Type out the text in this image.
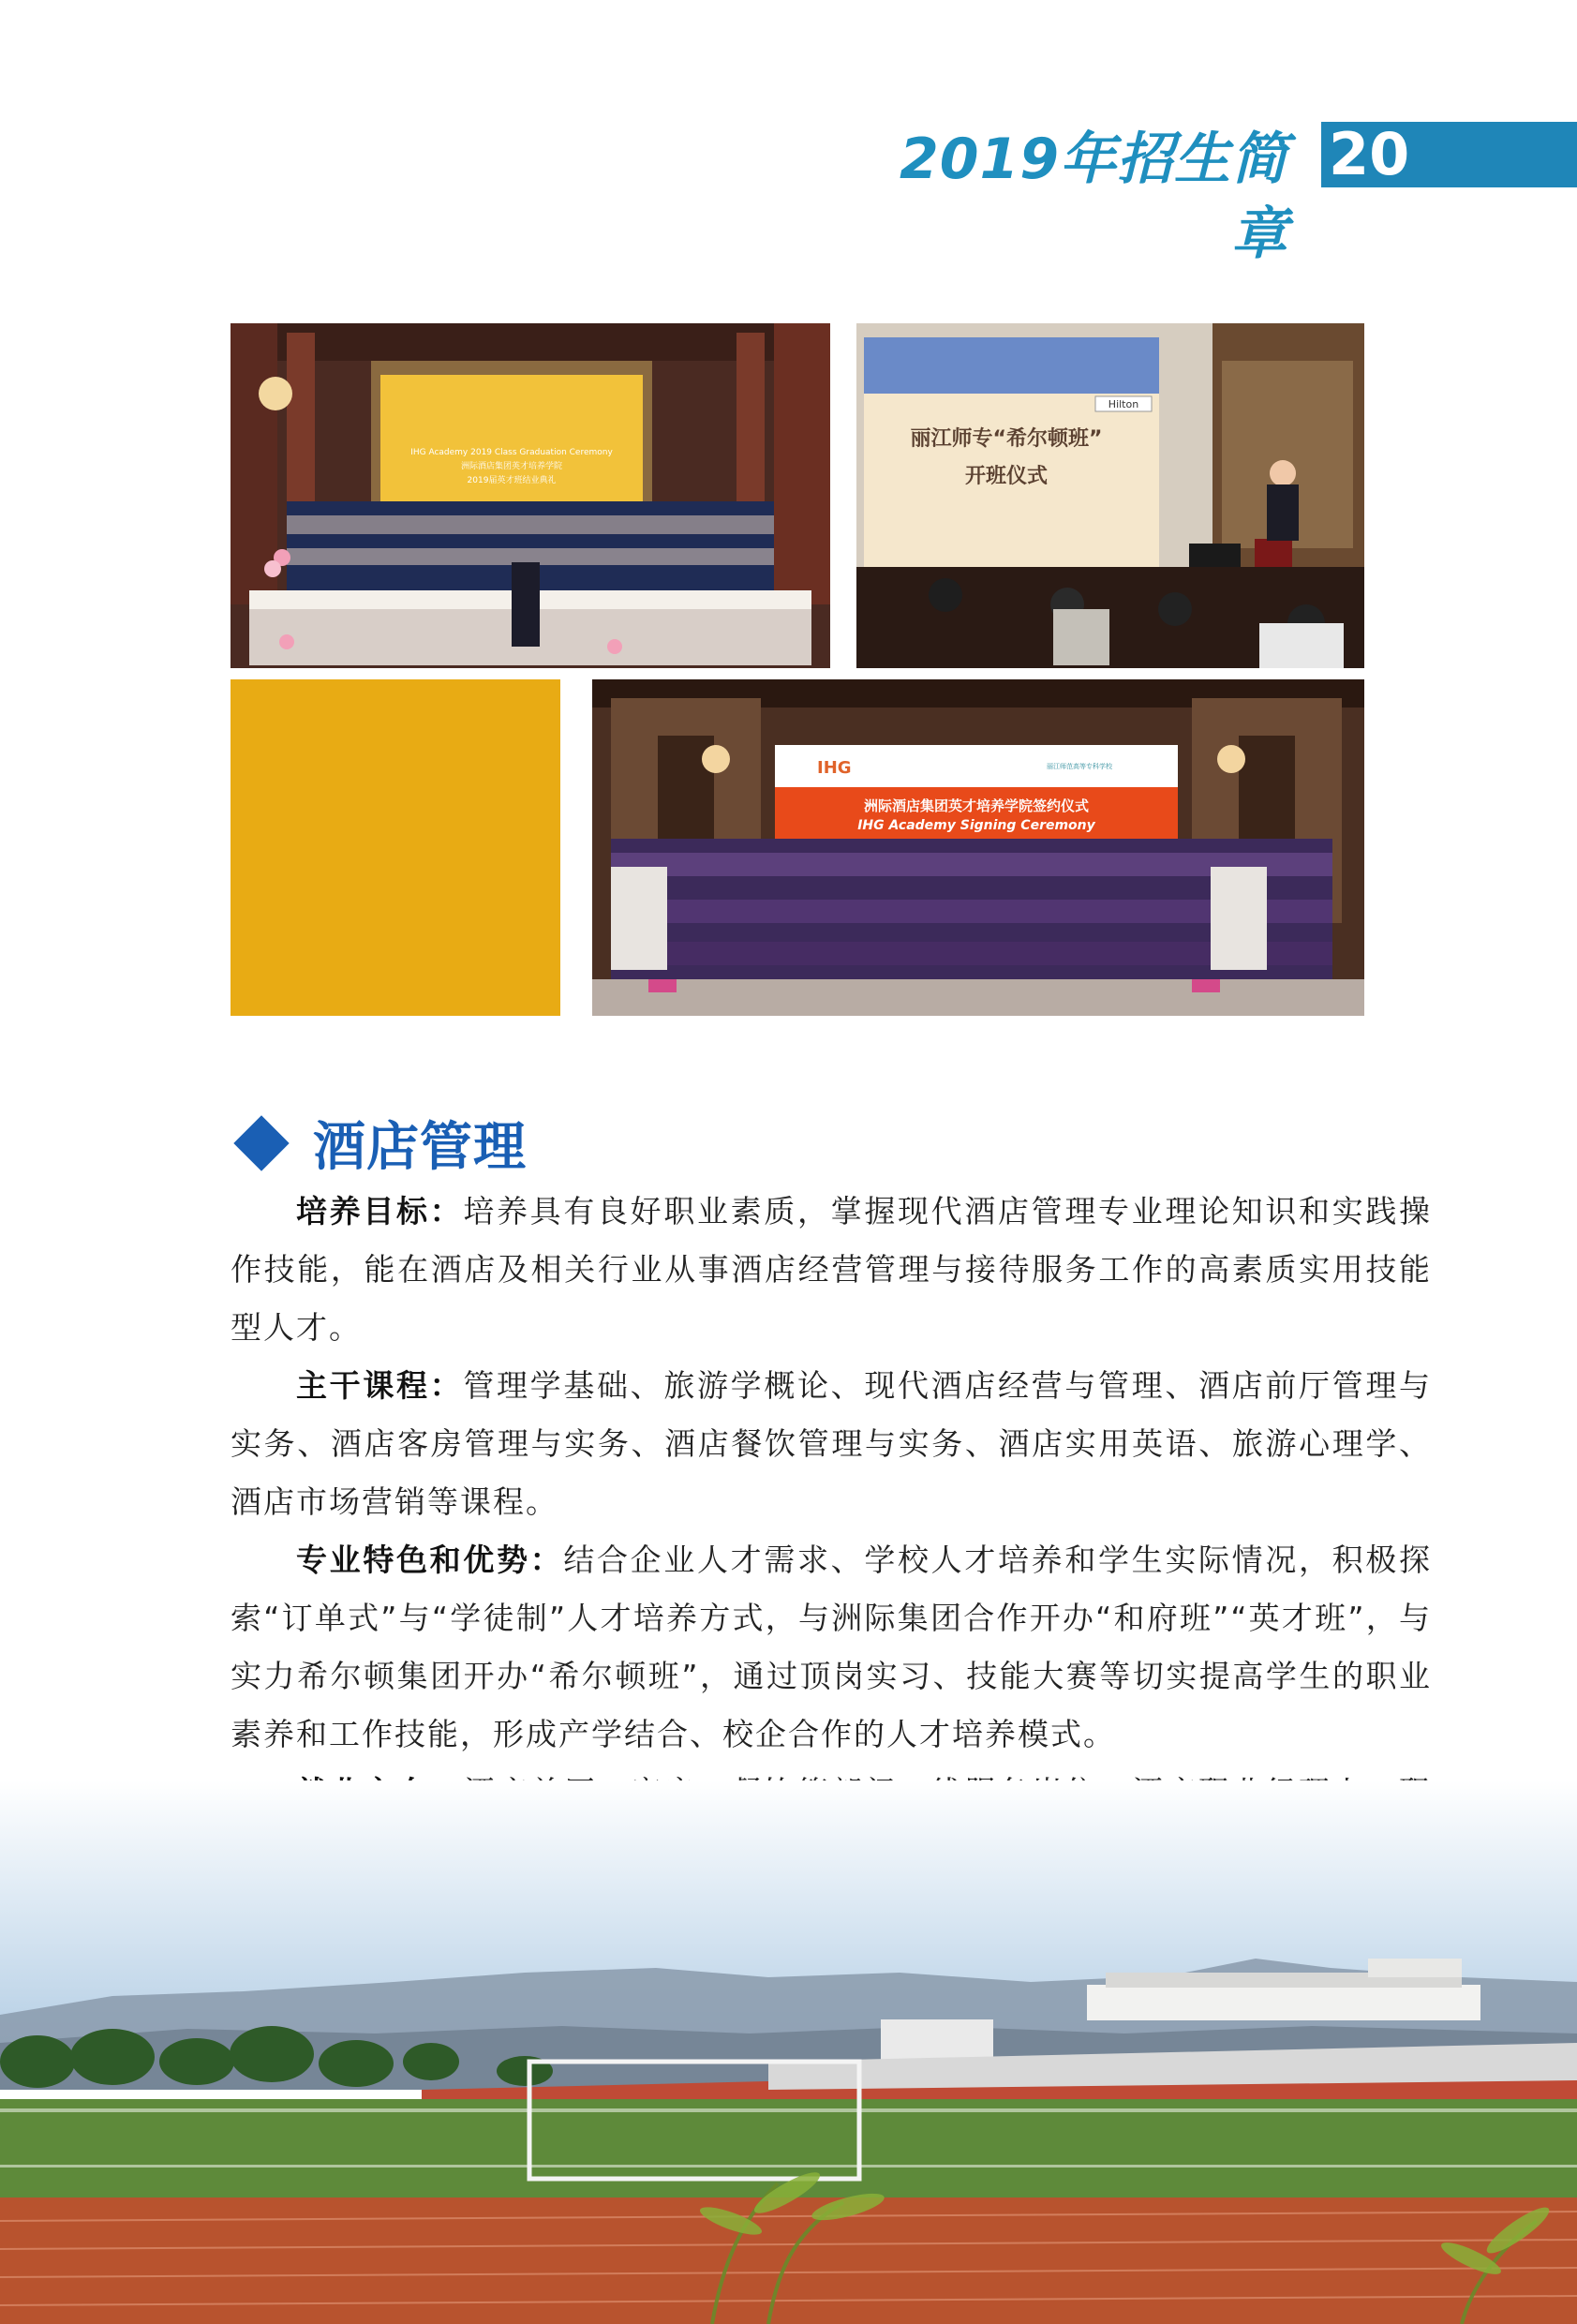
2019年招生简章
20
IHG Academy 2019 Class Graduation Ceremony
洲际酒店集团英才培养学院
2019届英才班结业典礼
Hilton
丽江师专“希尔顿班”
开班仪式
IHG	丽江师范高等专科学校
洲际酒店集团英才培养学院签约仪式
IHG Academy Signing Ceremony
酒店管理

培养目标：培养具有良好职业素质，掌握现代酒店管理专业理论知识和实践操作技能，能在酒店及相关行业从事酒店经营管理与接待服务工作的高素质实用技能型人才。

主干课程：管理学基础、旅游学概论、现代酒店经营与管理、酒店前厅管理与实务、酒店客房管理与实务、酒店餐饮管理与实务、酒店实用英语、旅游心理学、酒店市场营销等课程。

专业特色和优势：结合企业人才需求、学校人才培养和学生实际情况，积极探索“订单式”与“学徒制”人才培养方式，与洲际集团合作开办“和府班”“英才班”，与实力希尔顿集团开办“希尔顿班”，通过顶岗实习、技能大赛等切实提高学生的职业素养和工作技能，形成产学结合、校企合作的人才培养模式。
